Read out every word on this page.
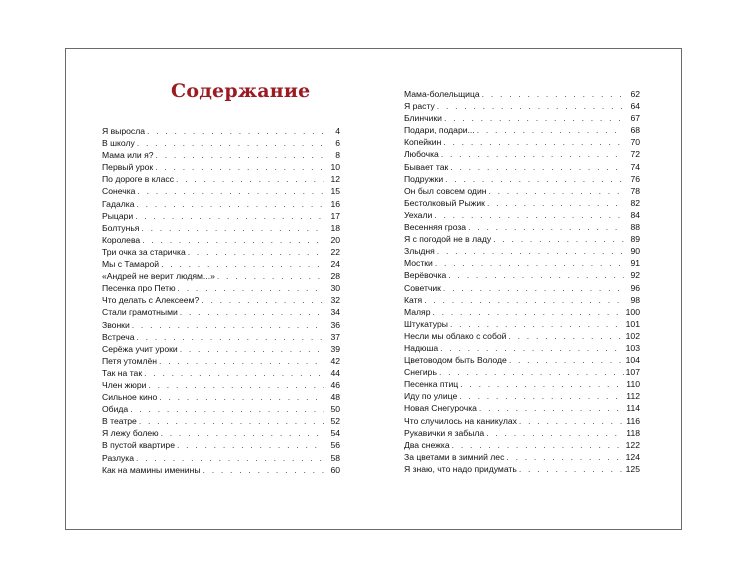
Содержание
Я выросла . . .	4
В школу . . .	6
Мама или я? . . .	8
Первый урок . . .	10
По дороге в класс . . .	12
Сонечка . . .	15
Гадалка . . .	16
Рыцари . . .	17
Болтунья . . .	18
Королева . . .	20
Три очка за старичка . . .	22
Мы с Тамарой . . .	24
«Андрей не верит людям...» . . .	28
Песенка про Петю . . .	30
Что делать с Алексеем? . . .	32
Стали грамотными . . .	34
Звонки . . .	36
Встреча . . .	37
Серёжа учит уроки . . .	39
Петя утомлён . . .	42
Так на так . . .	44
Член жюри . . .	46
Сильное кино . . .	48
Обида . . .	50
В театре . . .	52
Я лежу болею . . .	54
В пустой квартире . . .	56
Разлука . . .	58
Как на мамины именины . . .	60
Мама-болельщица . . .	62
Я расту . . .	64
Блинчики . . .	67
Подари, подари... . . .	68
Копейкин . . .	70
Любочка . . .	72
Бывает так . . .	74
Подружки . . .	76
Он был совсем один . . .	78
Бестолковый Рыжик . . .	82
Уехали . . .	84
Весенняя гроза . . .	88
Я с погодой не в ладу . . .	89
Злыдня . . .	90
Мостки . . .	91
Верёвочка . . .	92
Советчик . . .	96
Катя . . .	98
Маляр . . .	100
Штукатуры . . .	101
Несли мы облако с собой . . .	102
Надюша . . .	103
Цветоводом быть Володе . . .	104
Снегирь . . .	107
Песенка птиц . . .	110
Иду по улице . . .	112
Новая Снегурочка . . .	114
Что случилось на каникулах . . .	116
Рукавички я забыла . . .	118
Два снежка . . .	122
За цветами в зимний лес . . .	124
Я знаю, что надо придумать . . .	125
